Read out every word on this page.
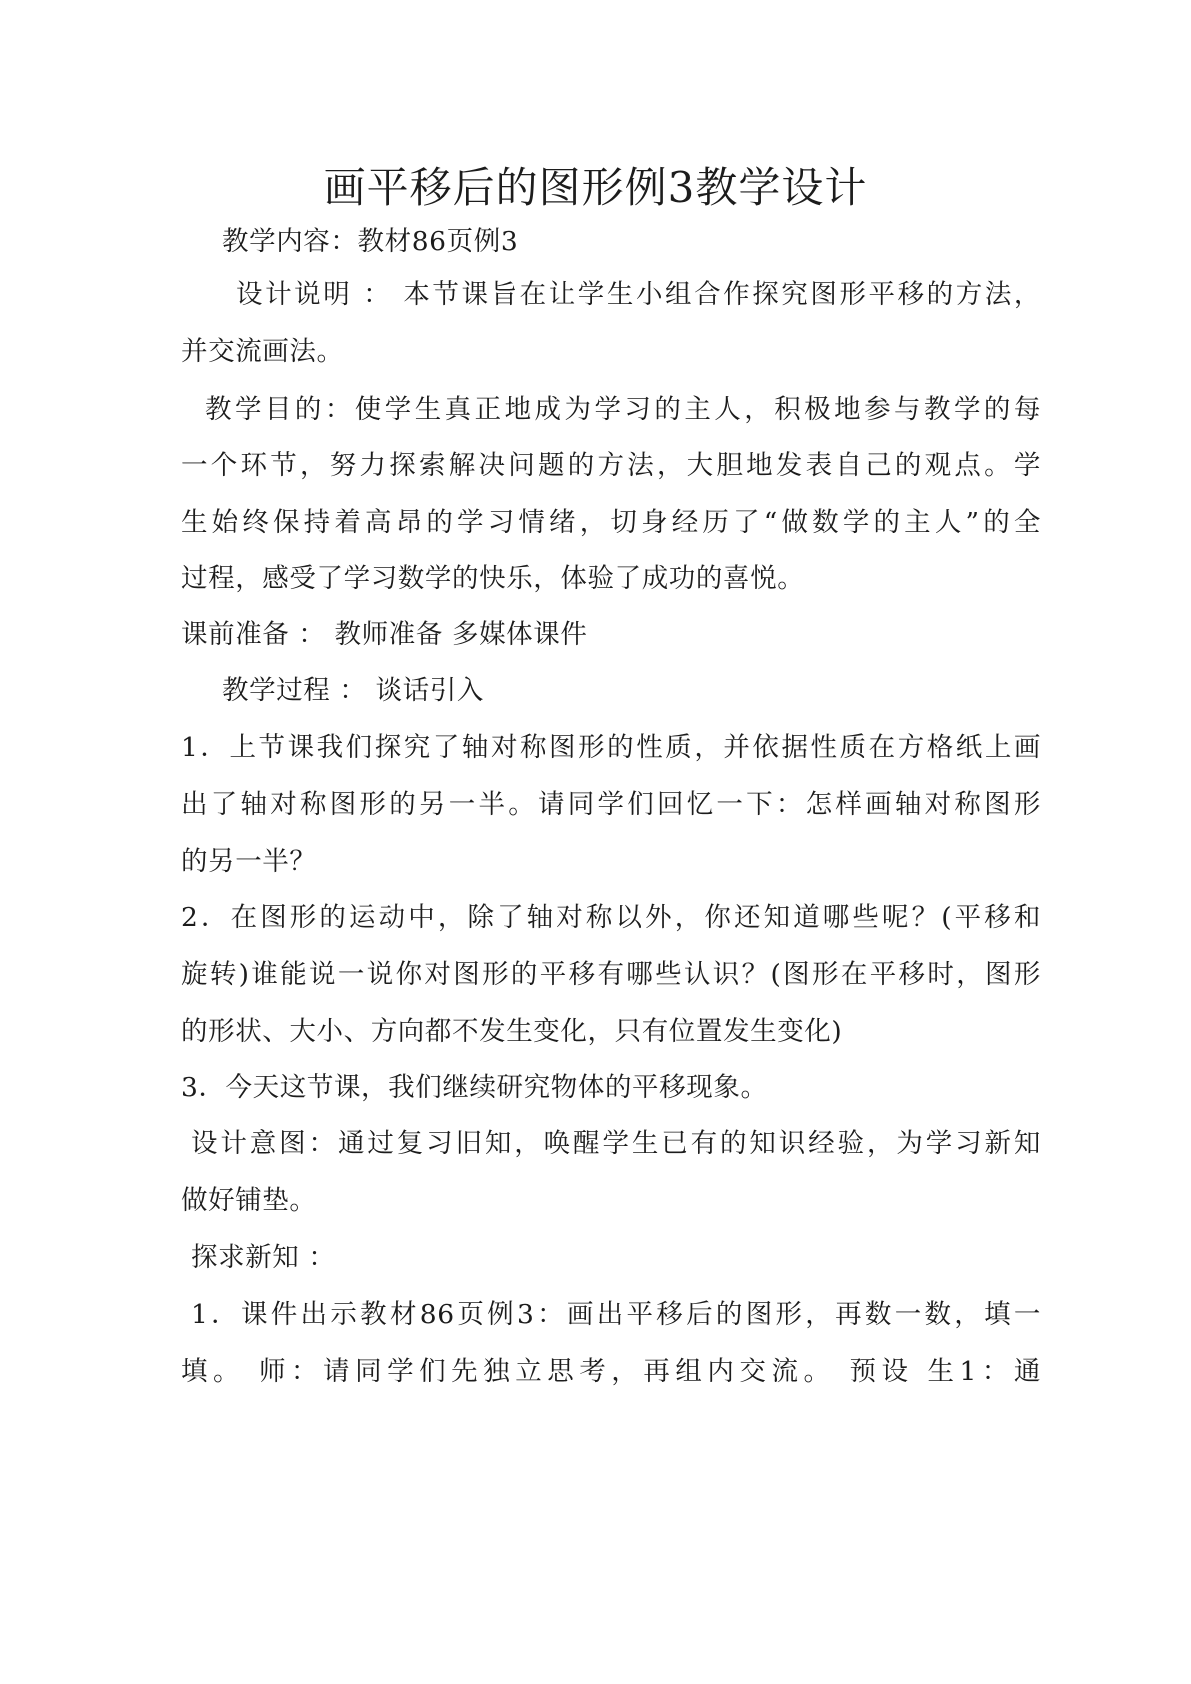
画平移后的图形例3教学设计

教学内容：教材86页例3

设计说明 ： 本节课旨在让学生小组合作探究图形平移的方法，

并交流画法。

教学目的：使学生真正地成为学习的主人，积极地参与教学的每

一个环节，努力探索解决问题的方法，大胆地发表自己的观点。学

生始终保持着高昂的学习情绪，切身经历了“做数学的主人”的全

过程，感受了学习数学的快乐，体验了成功的喜悦。

课前准备 ： 教师准备 多媒体课件

教学过程 ： 谈话引入

1．上节课我们探究了轴对称图形的性质，并依据性质在方格纸上画

出了轴对称图形的另一半。请同学们回忆一下：怎样画轴对称图形

的另一半？

2．在图形的运动中，除了轴对称以外，你还知道哪些呢？(平移和

旋转)谁能说一说你对图形的平移有哪些认识？(图形在平移时，图形

的形状、大小、方向都不发生变化，只有位置发生变化)

3．今天这节课，我们继续研究物体的平移现象。

设计意图：通过复习旧知，唤醒学生已有的知识经验，为学习新知

做好铺垫。

探求新知 ：

1．课件出示教材86页例3：画出平移后的图形，再数一数，填一

填。 师：请同学们先独立思考，再组内交流。 预设 生1：通
